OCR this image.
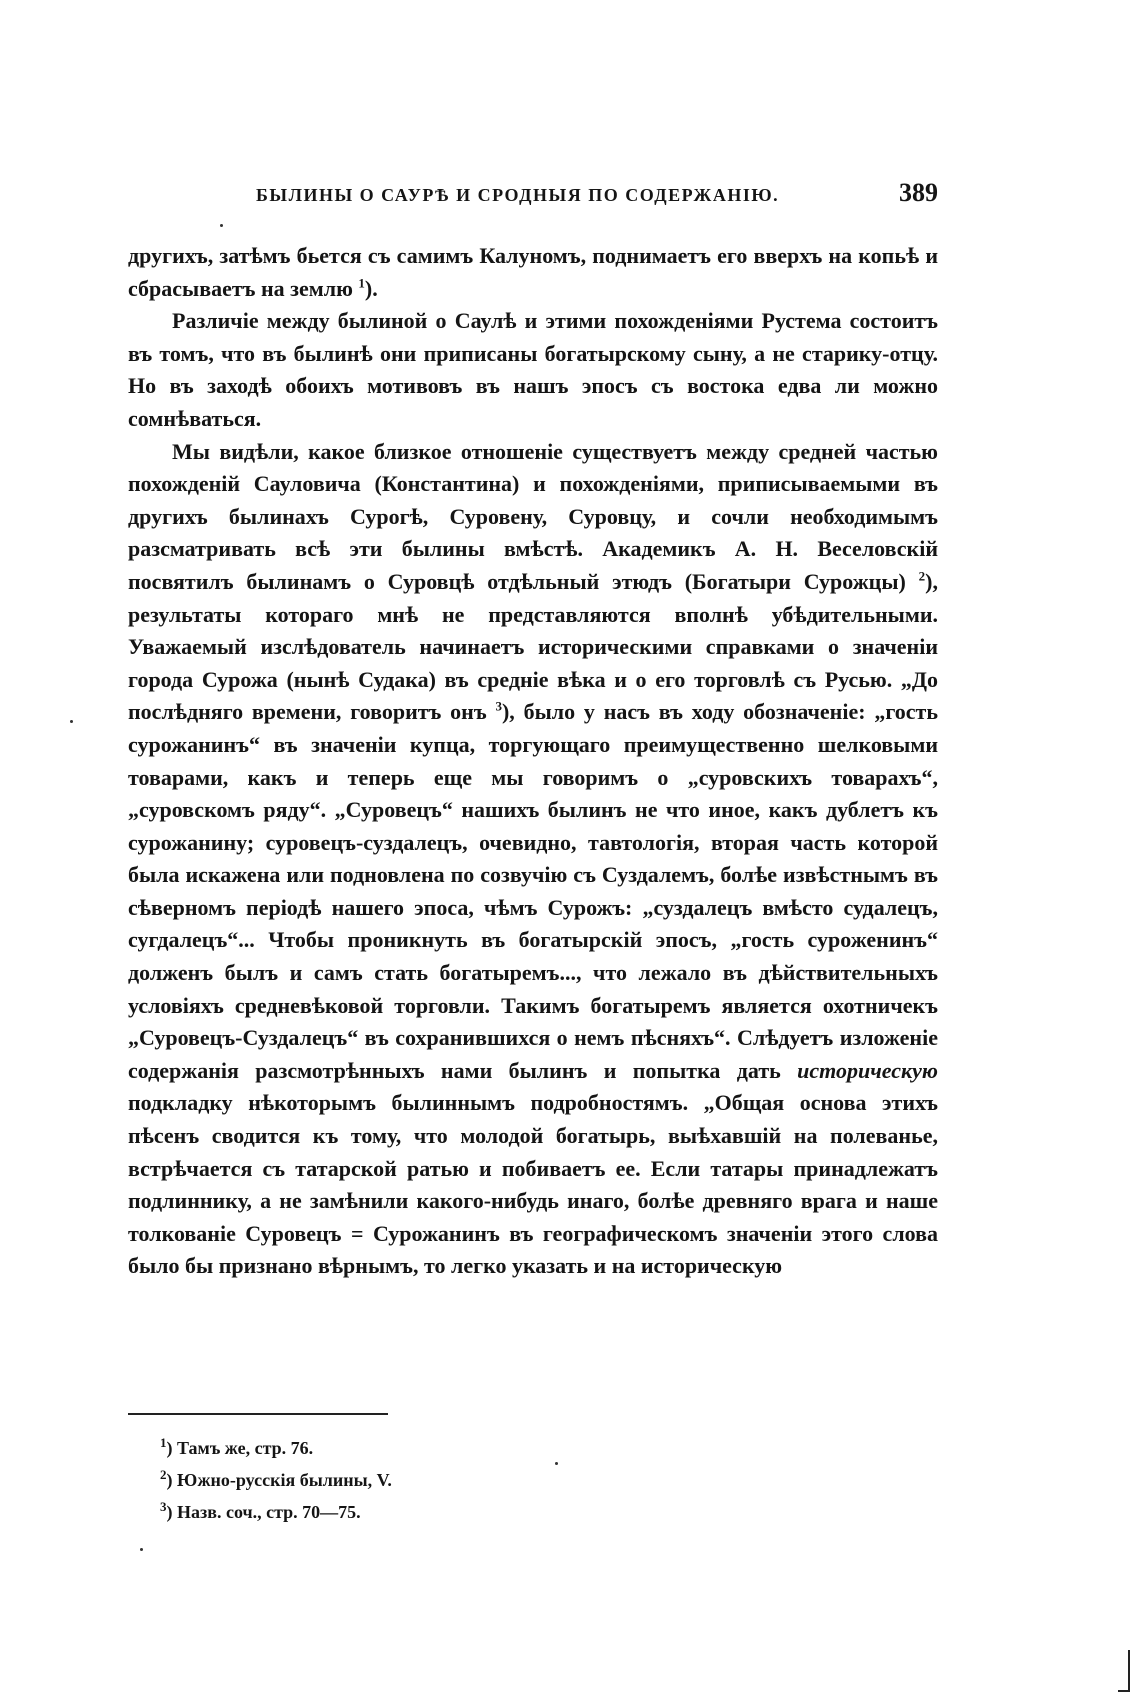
БЫЛИНЫ О САУРѢ И СРОДНЫЯ ПО СОДЕРЖАНІЮ.	389

другихъ, затѣмъ бьется съ самимъ Калуномъ, поднимаетъ его вверхъ на копьѣ и сбрасываетъ на землю $^1$).

Различіе между былиной о Саулѣ и этими похожденіями Рустема состоитъ въ томъ, что въ былинѣ они приписаны богатырскому сыну, а не старику-отцу. Но въ заходѣ обоихъ мотивовъ въ нашъ эпосъ съ востока едва ли можно сомнѣваться.

Мы видѣли, какое близкое отношеніе существуетъ между средней частью похожденій Сауловича (Константина) и похожденіями, приписываемыми въ другихъ былинахъ Сурогѣ, Суровену, Суровцу, и сочли необходимымъ разсматривать всѣ эти былины вмѣстѣ. Академикъ А. Н. Веселовскій посвятилъ былинамъ о Суровцѣ отдѣльный этюдъ (Богатыри Сурожцы) $^2$), результаты котораго мнѣ не представляются вполнѣ убѣдительными. Уважаемый изслѣдователь начинаетъ историческими справками о значеніи города Сурожа (нынѣ Судака) въ средніе вѣка и о его торговлѣ съ Русью. „До послѣдняго времени, говоритъ онъ $^3$), было у насъ въ ходу обозначеніе: „гость сурожанинъ“ въ значеніи купца, торгующаго преимущественно шелковыми товарами, какъ и теперь еще мы говоримъ о „суровскихъ товарахъ“, „суровскомъ ряду“. „Суровецъ“ нашихъ былинъ не что иное, какъ дублетъ къ сурожанину; суровецъ-суздалецъ, очевидно, тавтологія, вторая часть которой была искажена или подновлена по созвучію съ Суздалемъ, болѣе извѣстнымъ въ сѣверномъ періодѣ нашего эпоса, чѣмъ Сурожъ: „суздалецъ вмѣсто судалецъ, сугдалецъ“... Чтобы проникнуть въ богатырскій эпосъ, „гость суроженинъ“ долженъ былъ и самъ стать богатыремъ..., что лежало въ дѣйствительныхъ условіяхъ средневѣковой торговли. Такимъ богатыремъ является охотничекъ „Суровецъ-Суздалецъ“ въ сохранившихся о немъ пѣсняхъ“. Слѣдуетъ изложеніе содержанія разсмотрѣнныхъ нами былинъ и попытка дать историческую подкладку нѣкоторымъ былиннымъ подробностямъ. „Общая основа этихъ пѣсенъ сводится къ тому, что молодой богатырь, выѣхавшій на полеванье, встрѣчается съ татарской ратью и побиваетъ ее. Если татары принадлежатъ подлиннику, а не замѣнили какого-нибудь инаго, болѣе древняго врага и наше толкованіе Суровецъ = Сурожанинъ въ географическомъ значеніи этого слова было бы признано вѣрнымъ, то легко указать и на историческую

$^1$) Тамъ же, стр. 76.
$^2$) Южно-русскія былины, V.
$^3$) Назв. соч., стр. 70—75.
